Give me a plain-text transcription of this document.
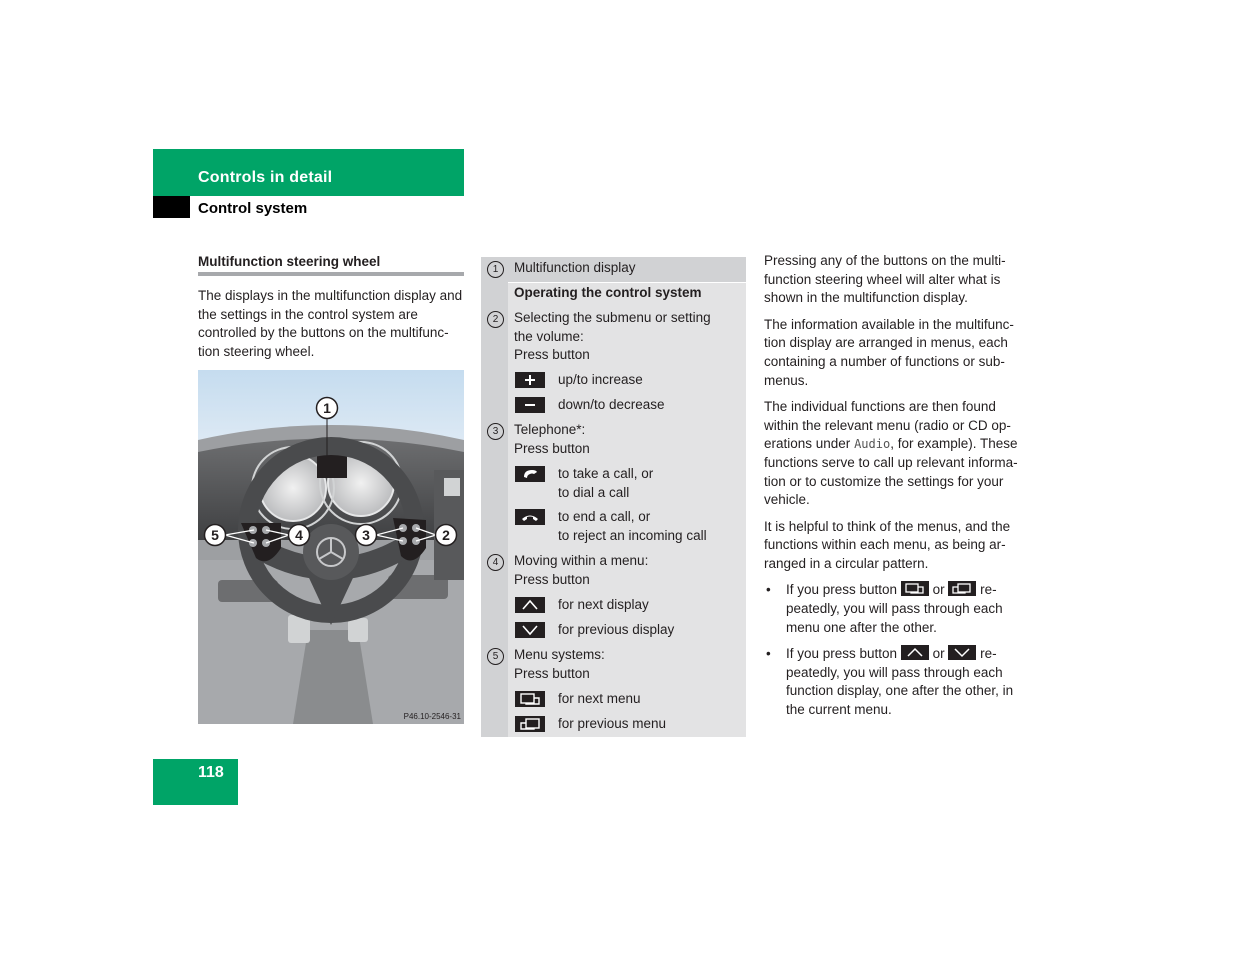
Controls in detail
Control system
Multifunction steering wheel
The displays in the multifunction display and the settings in the control system are controlled by the buttons on the multifunc-tion steering wheel.
1
5	4	3	2
P46.10-2546-31
1	Multifunction display
Operating the control system
2	Selecting the submenu or setting
the volume:
Press button
up/to increase
down/to decrease
3	Telephone*:
Press button
to take a call, or
to dial a call
to end a call, or
to reject an incoming call
4	Moving within a menu:
Press button
for next display
for previous display
5	Menu systems:
Press button
for next menu
for previous menu

Pressing any of the buttons on the multi-function steering wheel will alter what is shown in the multifunction display.

The information available in the multifunc-tion display are arranged in menus, each containing a number of functions or sub-menus.

The individual functions are then found within the relevant menu (radio or CD op-erations under Audio, for example). These functions serve to call up relevant informa-tion or to customize the settings for your vehicle.

It is helpful to think of the menus, and the functions within each menu, as being ar-ranged in a circular pattern.

• If you press button	or	re-peatedly, you will pass through each menu one after the other.
• If you press button	or	re-peatedly, you will pass through each function display, one after the other, in the current menu.
118
